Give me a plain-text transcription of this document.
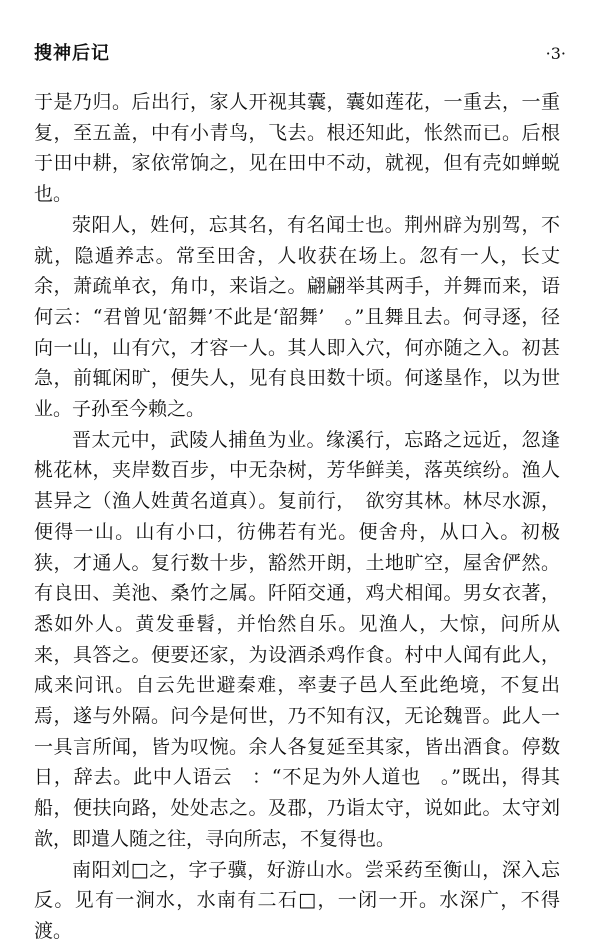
搜神后记	·3·

于是乃归。后出行，家人开视其囊，囊如莲花，一重去，一重复，至五盖，中有小青鸟，飞去。根还知此，怅然而已。后根于田中耕，家依常饷之，见在田中不动，就视，但有壳如蝉蜕也。

荥阳人，姓何，忘其名，有名闻士也。荆州辟为别驾，不就，隐遁养志。常至田舍，人收获在场上。忽有一人，长丈余，萧疏单衣，角巾，来诣之。翩翩举其两手，并舞而来，语何云：“君曾见‘韶舞’不此是‘韶舞’　。”且舞且去。何寻逐，径向一山，山有穴，才容一人。其人即入穴，何亦随之入。初甚急，前辄闲旷，便失人，见有良田数十顷。何遂垦作，以为世业。子孙至今赖之。

晋太元中，武陵人捕鱼为业。缘溪行，忘路之远近，忽逢桃花林，夹岸数百步，中无杂树，芳华鲜美，落英缤纷。渔人甚异之（渔人姓黄名道真）。复前行，　欲穷其林。林尽水源，便得一山。山有小口，彷佛若有光。便舍舟，从口入。初极狭，才通人。复行数十步，豁然开朗，土地旷空，屋舍俨然。有良田、美池、桑竹之属。阡陌交通，鸡犬相闻。男女衣著，悉如外人。黄发垂髫，并怡然自乐。见渔人，大惊，问所从来，具答之。便要还家，为设酒杀鸡作食。村中人闻有此人，咸来问讯。自云先世避秦难，率妻子邑人至此绝境，不复出焉，遂与外隔。问今是何世，乃不知有汉，无论魏晋。此人一一具言所闻，皆为叹惋。余人各复延至其家，皆出酒食。停数日，辞去。此中人语云　：“不足为外人道也　。”既出，得其船，便扶向路，处处志之。及郡，乃诣太守，说如此。太守刘歆，即遣人随之往，寻向所志，不复得也。

南阳刘□之，字子骥，好游山水。尝采药至衡山，深入忘反。见有一涧水，水南有二石□，一闭一开。水深广，不得渡。
